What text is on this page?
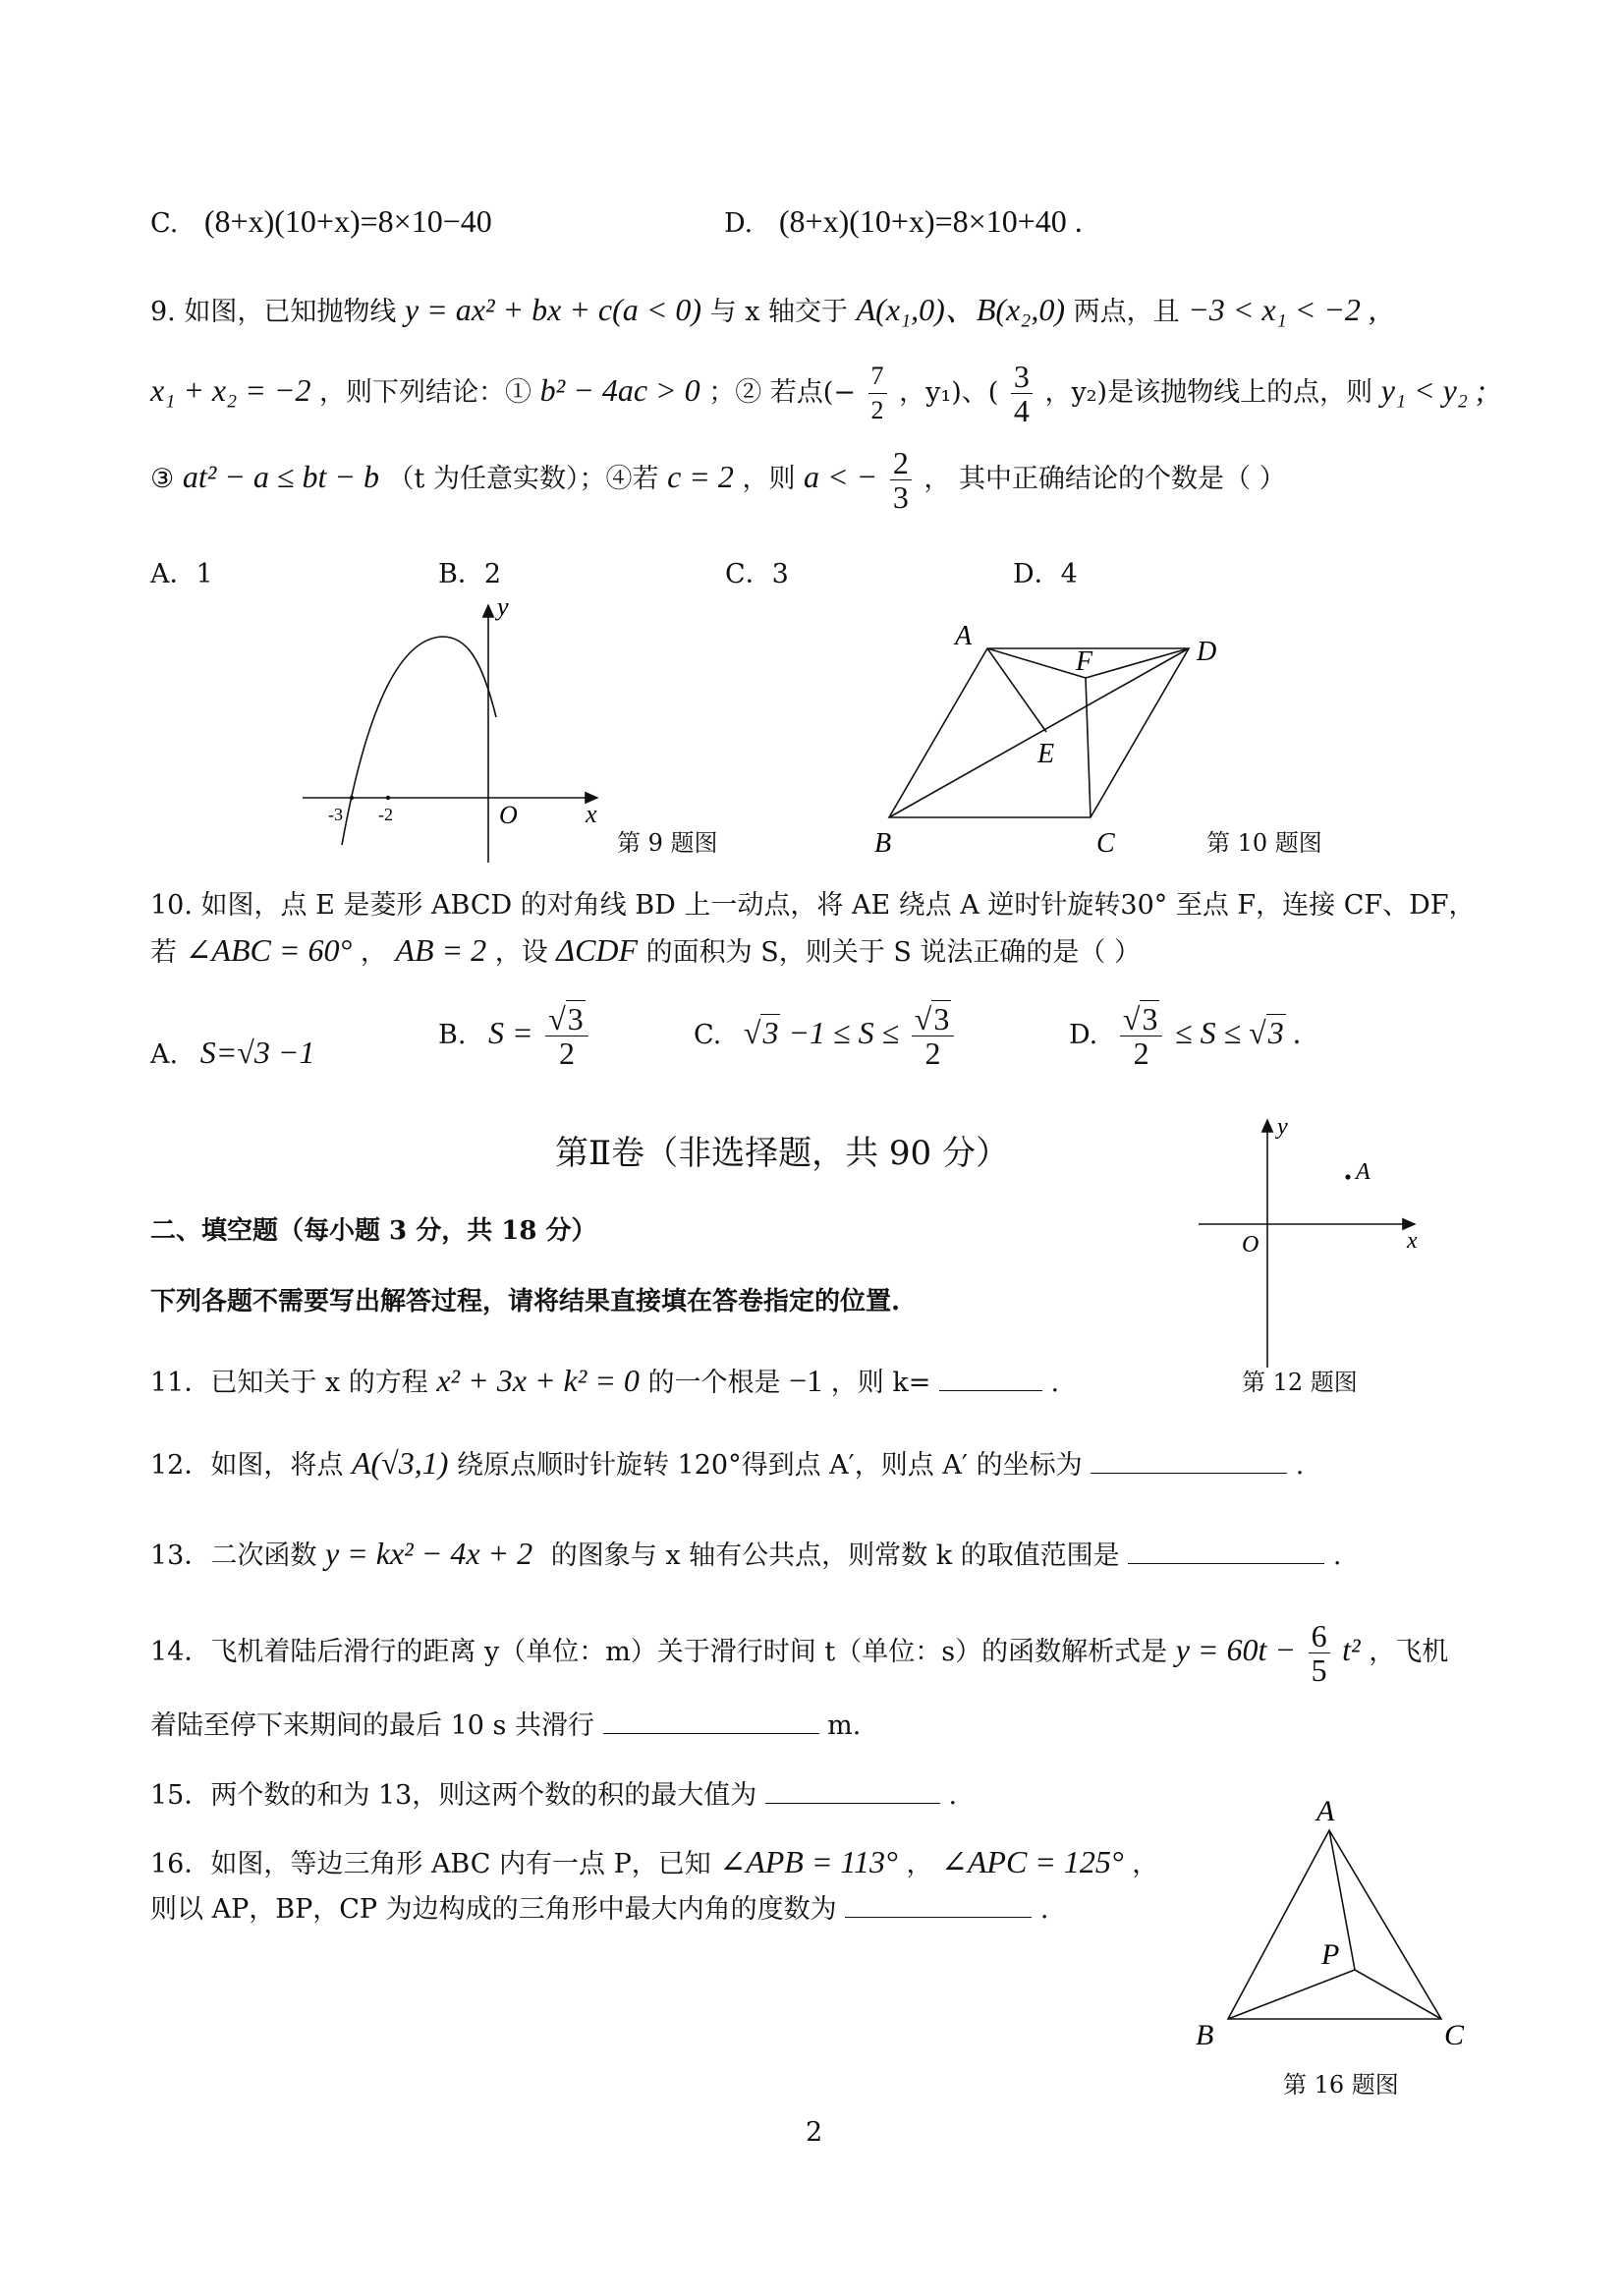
C. (8+x)(10+x)=8×10−40	D. (8+x)(10+x)=8×10+40 .
9. 如图，已知抛物线 y = ax² + bx + c(a < 0) 与 x 轴交于 A(x₁,0)、B(x₂,0) 两点，且 −3 < x₁ < −2 ,
x₁ + x₂ = −2 ，则下列结论：① b² − 4ac > 0 ；② 若点(− $\frac{7}{2}$ ，y₁)、( $\frac{3}{4}$ ，y₂)是该抛物线上的点，则 y₁ < y₂ ;
③ at² − a ≤ bt − b （t 为任意实数）；④若 c = 2 ，则 a < − $\frac{2}{3}$ ， 其中正确结论的个数是（ ）
A．1	B．2	C．3	D．4
y
x
O
-3 -2
第 9 题图
A
D
F
E
B	C	第 10 题图
10. 如图，点 E 是菱形 ABCD 的对角线 BD 上一动点，将 AE 绕点 A 逆时针旋转30° 至点 F，连接 CF、DF，
若 ∠ABC = 60° ， AB = 2 ，设 ΔCDF 的面积为 S，则关于 S 说法正确的是（ ）
A. S=√3 −1	B. $S = \frac{√3}{2}$	C. $√3 -1 \le S \le \frac{√3}{2}$	D. $\frac{√3}{2} \le S \le √3$ .
第Ⅱ卷（非选择题，共 90 分）
二、填空题（每小题 3 分，共 18 分）
下列各题不需要写出解答过程，请将结果直接填在答卷指定的位置.
y
x
O
A
第 12 题图
11．已知关于 x 的方程 x² + 3x + k² = 0 的一个根是 −1 ，则 k=	.
12．如图，将点 A(√3,1) 绕原点顺时针旋转 120°得到点 A′，则点 A′ 的坐标为	.
13．二次函数 y = kx² − 4x + 2 的图象与 x 轴有公共点，则常数 k 的取值范围是	.
14．飞机着陆后滑行的距离 y（单位：m）关于滑行时间 t（单位：s）的函数解析式是 $y = 60t - \frac{6}{5} t^2$ ，飞机
着陆至停下来期间的最后 10 s 共滑行	m.
15．两个数的和为 13，则这两个数的积的最大值为	.
16．如图，等边三角形 ABC 内有一点 P，已知 ∠APB = 113° ， ∠APC = 125° ，
则以 AP，BP，CP 为边构成的三角形中最大内角的度数为	.
A
B	C
P
第 16 题图
2
